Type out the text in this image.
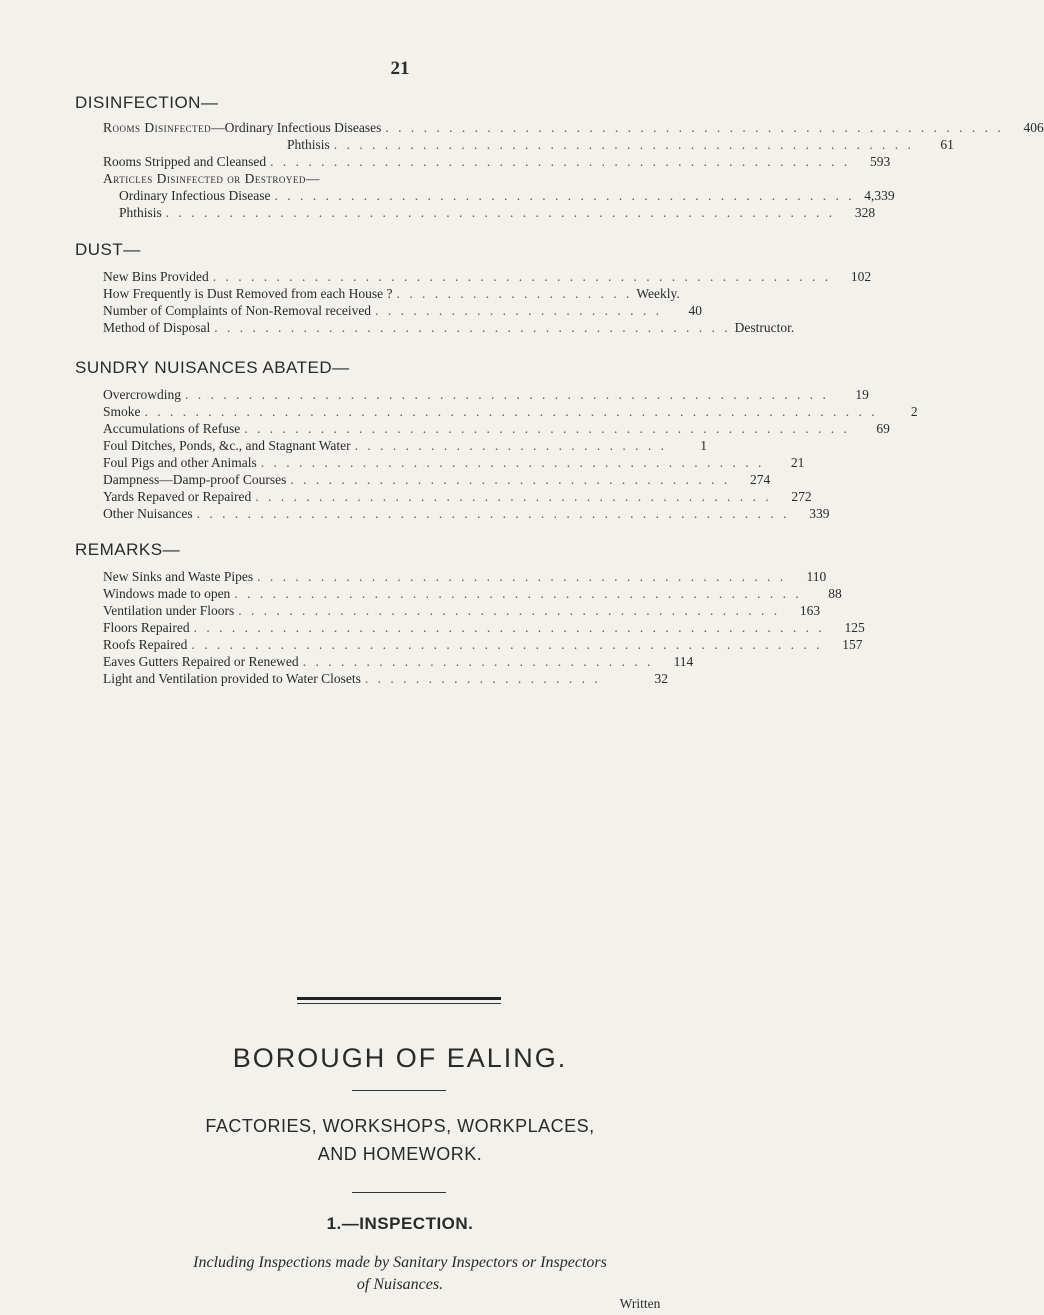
21
DISINFECTION—
Rooms Disinfected—Ordinary Infectious Diseases . . . . . . . . . . . . . . . . . . . . . . . . . . . . . . . . . . . . . . . . . . . . . . . . .	406
Phthisis . . . . . . . . . . . . . . . . . . . . . . . . . . . . . . . . . . . . . . . . . . . . . .	61
Rooms Stripped and Cleansed . . . . . . . . . . . . . . . . . . . . . . . . . . . . . . . . . . . . . . . . . . . . . .	593
Articles Disinfected or Destroyed—
Ordinary Infectious Disease . . . . . . . . . . . . . . . . . . . . . . . . . . . . . . . . . . . . . . . . . . . . . . 4,339
Phthisis . . . . . . . . . . . . . . . . . . . . . . . . . . . . . . . . . . . . . . . . . . . . . . . . . . . . .	328
DUST—
New Bins Provided . . . . . . . . . . . . . . . . . . . . . . . . . . . . . . . . . . . . . . . . . . . . . . . . .	102
How Frequently is Dust Removed from each House ? . . . . . . . . . . . . . . . . . . . Weekly.
Number of Complaints of Non-Removal received . . . . . . . . . . . . . . . . . . . . . . .	40
Method of Disposal . . . . . . . . . . . . . . . . . . . . . . . . . . . . . . . . . . . . . . . . . Destructor.
SUNDRY NUISANCES ABATED—
Overcrowding . . . . . . . . . . . . . . . . . . . . . . . . . . . . . . . . . . . . . . . . . . . . . . . . . . .	19
Smoke . . . . . . . . . . . . . . . . . . . . . . . . . . . . . . . . . . . . . . . . . . . . . . . . . . . . . . . . . .	2
Accumulations of Refuse . . . . . . . . . . . . . . . . . . . . . . . . . . . . . . . . . . . . . . . . . . . . . . . .	69
Foul Ditches, Ponds, &c., and Stagnant Water . . . . . . . . . . . . . . . . . . . . . . . . .	1
Foul Pigs and other Animals . . . . . . . . . . . . . . . . . . . . . . . . . . . . . . . . . . . . . . . .	21
Dampness—Damp-proof Courses . . . . . . . . . . . . . . . . . . . . . . . . . . . . . . . . . . .	274
Yards Repaved or Repaired . . . . . . . . . . . . . . . . . . . . . . . . . . . . . . . . . . . . . . . . .	272
Other Nuisances . . . . . . . . . . . . . . . . . . . . . . . . . . . . . . . . . . . . . . . . . . . . . . .	339
REMARKS—
New Sinks and Waste Pipes . . . . . . . . . . . . . . . . . . . . . . . . . . . . . . . . . . . . . . . . . .	110
Windows made to open . . . . . . . . . . . . . . . . . . . . . . . . . . . . . . . . . . . . . . . . . . . . .	88
Ventilation under Floors . . . . . . . . . . . . . . . . . . . . . . . . . . . . . . . . . . . . . . . . . . .	163
Floors Repaired . . . . . . . . . . . . . . . . . . . . . . . . . . . . . . . . . . . . . . . . . . . . . . . . . .	125
Roofs Repaired . . . . . . . . . . . . . . . . . . . . . . . . . . . . . . . . . . . . . . . . . . . . . . . . . .	157
Eaves Gutters Repaired or Renewed . . . . . . . . . . . . . . . . . . . . . . . . . . . .	114
Light and Ventilation provided to Water Closets . . . . . . . . . . . . . . . . . . .	32
BOROUGH OF EALING.
FACTORIES, WORKSHOPS, WORKPLACES,
AND HOMEWORK.
1.—INSPECTION.
Including Inspections made by Sanitary Inspectors or Inspectors
of Nuisances.
Written
